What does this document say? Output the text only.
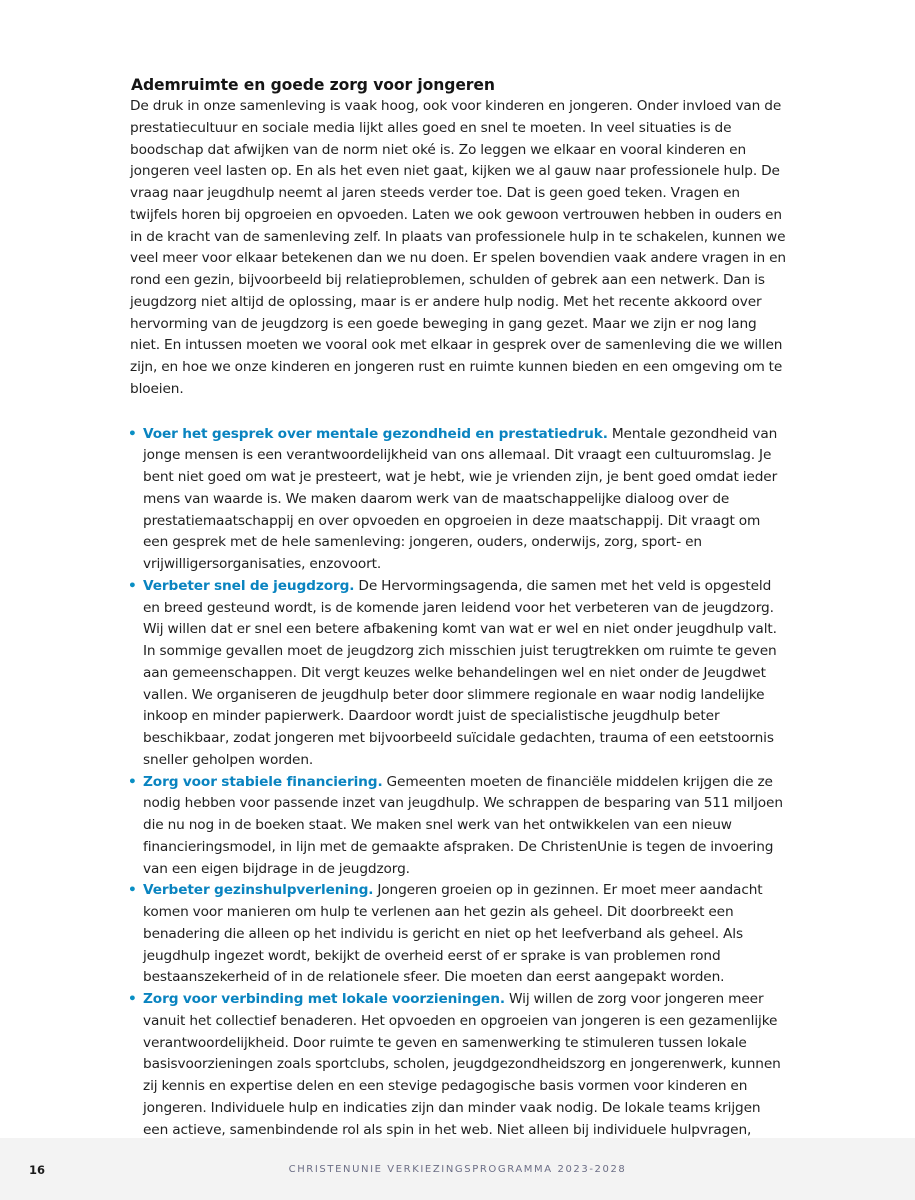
Ademruimte en goede zorg voor jongeren

De druk in onze samenleving is vaak hoog, ook voor kinderen en jongeren. Onder invloed van de prestatiecultuur en sociale media lijkt alles goed en snel te moeten. In veel situaties is de boodschap dat afwijken van de norm niet oké is. Zo leggen we elkaar en vooral kinderen en jongeren veel lasten op. En als het even niet gaat, kijken we al gauw naar professionele hulp. De vraag naar jeugdhulp neemt al jaren steeds verder toe. Dat is geen goed teken. Vragen en twijfels horen bij opgroeien en opvoeden. Laten we ook gewoon vertrouwen hebben in ouders en in de kracht van de samenleving zelf. In plaats van professionele hulp in te schakelen, kunnen we veel meer voor elkaar betekenen dan we nu doen. Er spelen bovendien vaak andere vragen in en rond een gezin, bijvoorbeeld bij relatieproblemen, schulden of gebrek aan een netwerk. Dan is jeugdzorg niet altijd de oplossing, maar is er andere hulp nodig. Met het recente akkoord over hervorming van de jeugdzorg is een goede beweging in gang gezet. Maar we zijn er nog lang niet. En intussen moeten we vooral ook met elkaar in gesprek over de samenleving die we willen zijn, en hoe we onze kinderen en jongeren rust en ruimte kunnen bieden en een omgeving om te bloeien.

• Voer het gesprek over mentale gezondheid en prestatiedruk. Mentale gezondheid van jonge mensen is een verantwoordelijkheid van ons allemaal. Dit vraagt een cultuuromslag. Je bent niet goed om wat je presteert, wat je hebt, wie je vrienden zijn, je bent goed omdat ieder mens van waarde is. We maken daarom werk van de maatschappelijke dialoog over de prestatiemaatschappij en over opvoeden en opgroeien in deze maatschappij. Dit vraagt om een gesprek met de hele samenleving: jongeren, ouders, onderwijs, zorg, sport- en vrijwilligersorganisaties, enzovoort.
• Verbeter snel de jeugdzorg. De Hervormingsagenda, die samen met het veld is opgesteld en breed gesteund wordt, is de komende jaren leidend voor het verbeteren van de jeugdzorg. Wij willen dat er snel een betere afbakening komt van wat er wel en niet onder jeugdhulp valt. In sommige gevallen moet de jeugdzorg zich misschien juist terugtrekken om ruimte te geven aan gemeenschappen. Dit vergt keuzes welke behandelingen wel en niet onder de Jeugdwet vallen. We organiseren de jeugdhulp beter door slimmere regionale en waar nodig landelijke inkoop en minder papierwerk. Daardoor wordt juist de specialistische jeugdhulp beter beschikbaar, zodat jongeren met bijvoorbeeld suïcidale gedachten, trauma of een eetstoornis sneller geholpen worden.
• Zorg voor stabiele financiering. Gemeenten moeten de financiële middelen krijgen die ze nodig hebben voor passende inzet van jeugdhulp. We schrappen de besparing van 511 miljoen die nu nog in de boeken staat. We maken snel werk van het ontwikkelen van een nieuw financieringsmodel, in lijn met de gemaakte afspraken. De ChristenUnie is tegen de invoering van een eigen bijdrage in de jeugdzorg.
• Verbeter gezinshulpverlening. Jongeren groeien op in gezinnen. Er moet meer aandacht komen voor manieren om hulp te verlenen aan het gezin als geheel. Dit doorbreekt een benadering die alleen op het individu is gericht en niet op het leefverband als geheel. Als jeugdhulp ingezet wordt, bekijkt de overheid eerst of er sprake is van problemen rond bestaanszekerheid of in de relationele sfeer. Die moeten dan eerst aangepakt worden.
• Zorg voor verbinding met lokale voorzieningen. Wij willen de zorg voor jongeren meer vanuit het collectief benaderen. Het opvoeden en opgroeien van jongeren is een gezamenlijke verantwoordelijkheid. Door ruimte te geven en samenwerking te stimuleren tussen lokale basisvoorzieningen zoals sportclubs, scholen, jeugdgezondheidszorg en jongerenwerk, kunnen zij kennis en expertise delen en een stevige pedagogische basis vormen voor kinderen en jongeren. Individuele hulp en indicaties zijn dan minder vaak nodig. De lokale teams krijgen een actieve, samenbindende rol als spin in het web. Niet alleen bij individuele hulpvragen,
16	CHRISTENUNIE VERKIEZINGSPROGRAMMA 2023-2028
